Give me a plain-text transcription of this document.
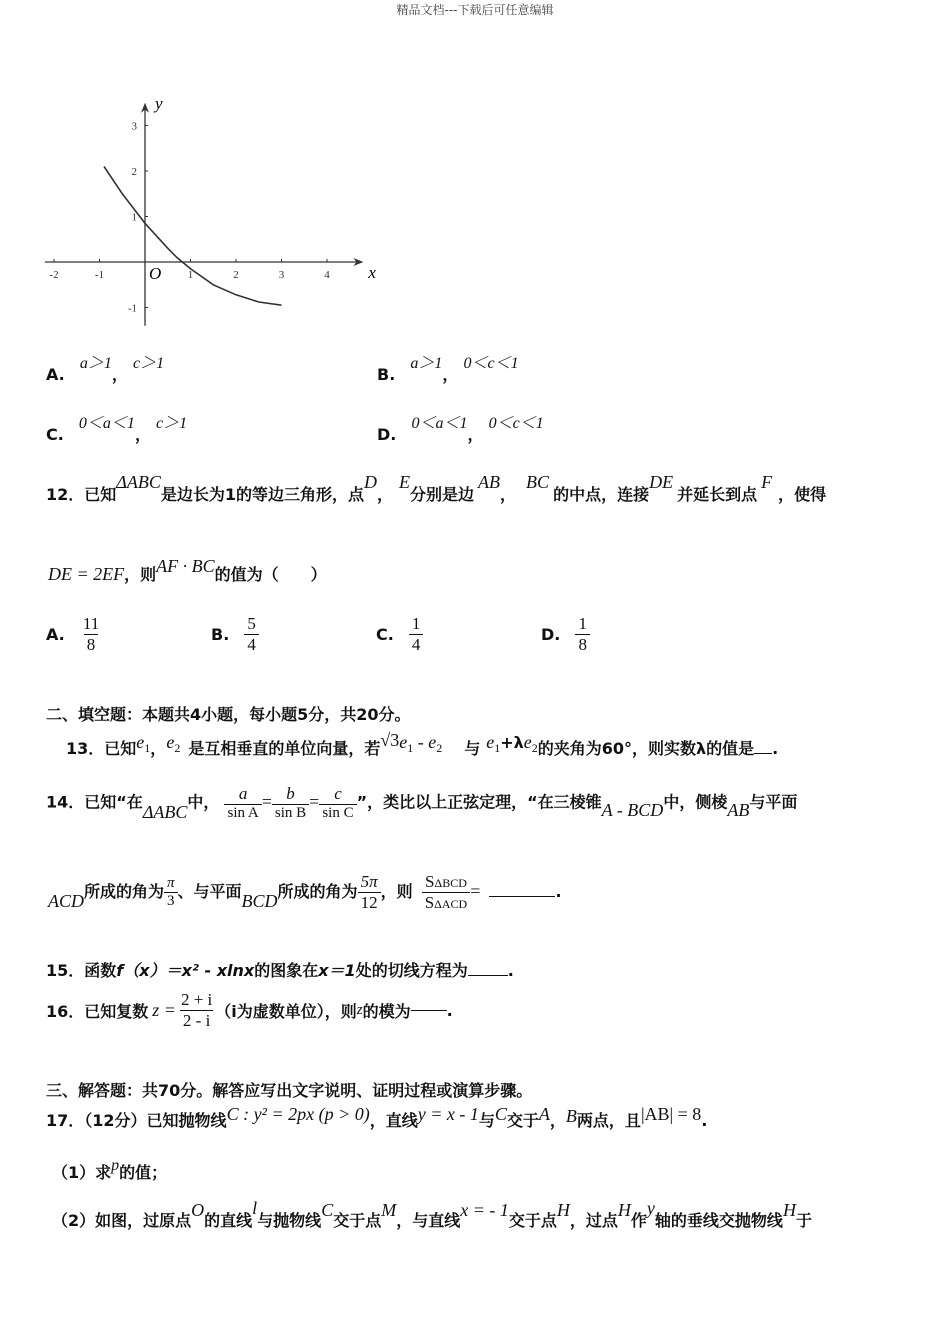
精品文档---下载后可任意编辑
-2	-1	1	2	3	4
3
2
1
-1
x
y
O
A. a＞1， c＞1
B. a＞1， 0＜c＜1
C. 0＜a＜1， c＞1
D. 0＜a＜1， 0＜c＜1
12．已知ΔABC是边长为1的等边三角形，点D，E分别是边AB，BC的中点，连接DE并延长到点F，使得
DE = 2EF，则AF · BC的值为（　　）
A. $\frac{11}{8}$	B. $\frac{5}{4}$	C. $\frac{1}{4}$	D. $\frac{1}{8}$
二、填空题：本题共4小题，每小题5分，共20分。
13．已知e1，e2 是互相垂直的单位向量，若√3e1 - e2 与 e1+λe2的夹角为60°，则实数λ的值是 .
14．已知“在ΔABC中， $\frac{a}{\text{sin A}} = \frac{b}{\text{sin B}} = \frac{c}{\text{sin C}}$ ”，类比以上正弦定理，“在三棱锥A - BCD中，侧棱AB与平面
ACD所成的角为 $\frac{\pi}{3}$ 、与平面BCD所成的角为 $\frac{5\pi}{12}$ ，则 $\frac{\text{SΔBCD}}{\text{SΔACD}}$ =	.
15．函数f（x）＝x² - xlnx的图象在x＝1处的切线方程为	.
16．已知复数 $z = \frac{2 + i}{2 - i} (i$为虚数单位），则z的模为 .
三、解答题：共70分。解答应写出文字说明、证明过程或演算步骤。
17．（12分）已知抛物线C : y² = 2px (p > 0)，直线y = x - 1与C交于A，B两点，且|AB| = 8.
（1）求p的值；
（2）如图，过原点O的直线l与抛物线C交于点M，与直线x = - 1交于点H，过点H作y轴的垂线交抛物线H于
